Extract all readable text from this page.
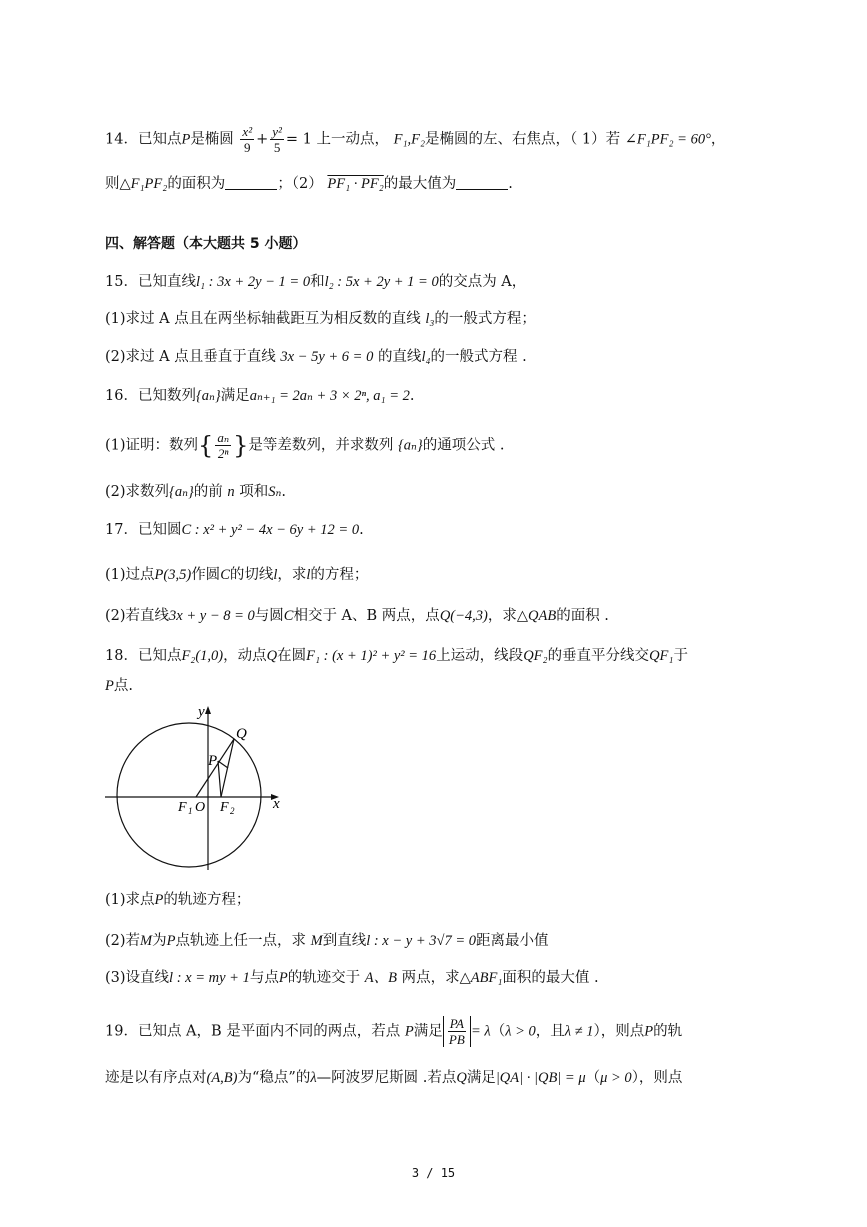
14．已知点P是椭圆 $\frac{\text{x²}}{9} + \frac{\text{y²}}{5} = 1$ 上一动点， F₁,F₂是椭圆的左、右焦点，（ 1）若 ∠F₁PF₂ = 60°，
则△F₁PF₂的面积为	；（2） PF₁ · PF₂的最大值为	.
四、解答题（本大题共 5 小题）
15．已知直线l₁ : 3x + 2y − 1 = 0和l₂ : 5x + 2y + 1 = 0的交点为 A，
(1)求过 A 点且在两坐标轴截距互为相反数的直线 l₃的一般式方程；
(2)求过 A 点且垂直于直线 3x − 5y + 6 = 0 的直线l₄的一般式方程 .
16．已知数列{aₙ}满足aₙ₊₁ = 2aₙ + 3 × 2ⁿ, a₁ = 2.
(1)证明：数列{ $\frac{\text{aₙ}}{\text{2ⁿ}}$ }是等差数列，并求数列 {aₙ}的通项公式 .
(2)求数列{aₙ}的前 n 项和Sₙ.
17．已知圆C : x² + y² − 4x − 6y + 12 = 0.
(1)过点P(3,5)作圆C的切线l，求l的方程；
(2)若直线3x + y − 8 = 0与圆C相交于 A、B 两点，点Q(−4,3)，求△QAB的面积 .
18．已知点F₂(1,0)，动点Q在圆F₁ : (x + 1)² + y² = 16上运动，线段QF₂的垂直平分线交QF₁于
P点.
y
Q
P
F 1 O F 2	x
(1)求点P的轨迹方程；
(2)若M为P点轨迹上任一点，求 M到直线l : x − y + 3√7 = 0距离最小值
(3)设直线l : x = my + 1与点P的轨迹交于 A、B 两点，求△ABF₁面积的最大值 .
19．已知点 A，B 是平面内不同的两点，若点 P满足 $\frac{PA}{PB} = \lambda(\lambda > 0$，且λ ≠ 1），则点P的轨
迹是以有序点对(A,B)为“稳点”的λ—阿波罗尼斯圆 .若点Q满足|QA| · |QB| = μ（μ > 0），则点
3 / 15
